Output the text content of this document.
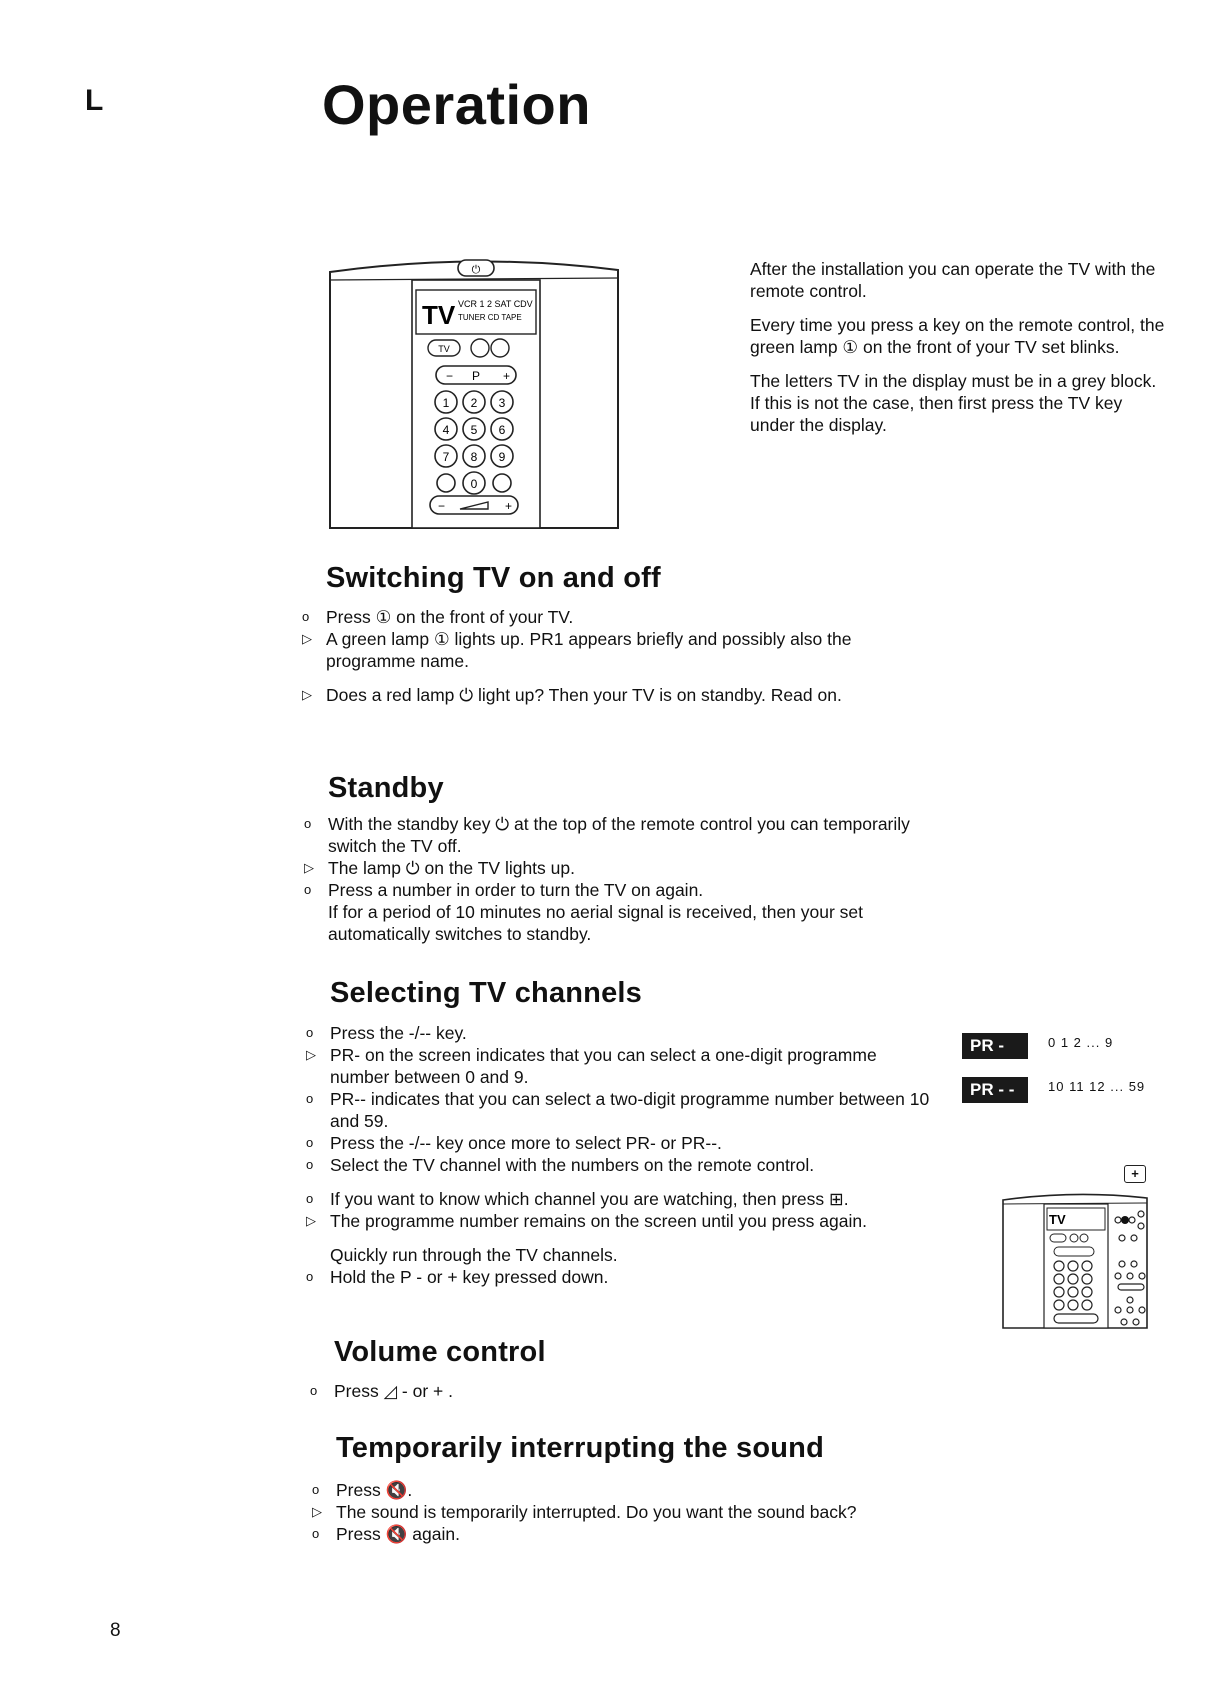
L	Operation
⏻
TV VCR 1 2 SAT CDV
TUNER CD TAPE
TV
− P +
1 2 3
4 5 6
7 8 9
0
−	+

After the installation you can operate the TV with the remote control.

Every time you press a key on the remote control, the green lamp ① on the front of your TV set blinks.

The letters TV in the display must be in a grey block.

If this is not the case, then first press the TV key under the display.

Switching TV on and off
o Press ① on the front of your TV.
▷ A green lamp ① lights up. PR1 appears briefly and possibly also the programme name.
▷ Does a red lamp ⏻ light up? Then your TV is on standby. Read on.
Standby
o With the standby key ⏻ at the top of the remote control you can temporarily switch the TV off.
▷ The lamp ⏻ on the TV lights up.
o Press a number in order to turn the TV on again.
If for a period of 10 minutes no aerial signal is received, then your set automatically switches to standby.
Selecting TV channels
o Press the -/-- key.
▷ PR- on the screen indicates that you can select a one-digit programme number between 0 and 9.
o PR-- indicates that you can select a two-digit programme number between 10 and 59.
o Press the -/-- key once more to select PR- or PR--.
o Select the TV channel with the numbers on the remote control.
o If you want to know which channel you are watching, then press ⊞.
▷ The programme number remains on the screen until you press again.
Quickly run through the TV channels.
o Hold the P - or + key pressed down.
PR -	0 1 2 ... 9
PR - -	10 11 12 ... 59
+
TV
Volume control
o Press ◿ - or + .
Temporarily interrupting the sound
o Press 🔇.
▷ The sound is temporarily interrupted. Do you want the sound back?
o Press 🔇 again.
8
